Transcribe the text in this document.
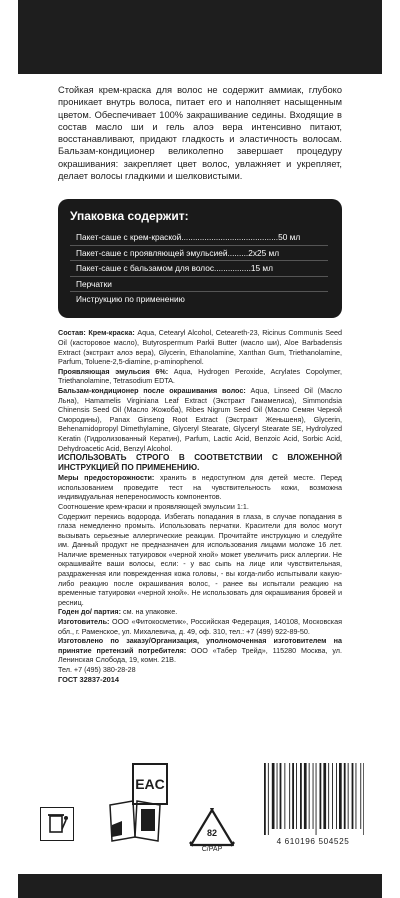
Стойкая крем-краска для волос не содержит аммиак, глубоко проникает внутрь волоса, питает его и наполняет насыщенным цветом. Обеспечивает 100% закрашивание седины. Входящие в состав масло ши и гель алоэ вера интенсивно питают, восстанавливают, придают гладкость и эластичность волосам. Бальзам-кондиционер великолепно завершает процедуру окрашивания: закрепляет цвет волос, увлажняет и укрепляет, делает волосы гладкими и шелковистыми.

Упаковка содержит:
Пакет-саше с крем-краской..........................................50 мл
Пакет-саше с проявляющей эмульсией.........2х25 мл
Пакет-саше с бальзамом для волос................15 мл
Перчатки
Инструкцию по применению

Состав: Крем-краска: Aqua, Cetearyl Alcohol, Ceteareth-23, Ricinus Communis Seed Oil (касторовое масло), Butyrospermum Parkii Butter (масло ши), Aloe Barbadensis Extract (экстракт алоэ вера), Glycerin, Ethanolamine, Xanthan Gum, Triethanolamine, Parfum, Toluene-2,5-diamine, p-aminophenol.

Проявляющая эмульсия 6%: Aqua, Hydrogen Peroxide, Acrylates Copolymer, Triethanolamine, Tetrasodium EDTA.

Бальзам-кондиционер после окрашивания волос: Aqua, Linseed Oil (Масло Льна), Hamamelis Virginiana Leaf Extract (Экстракт Гамамелиса), Simmondsia Chinensis Seed Oil (Масло Жожоба), Ribes Nigrum Seed Oil (Масло Семян Черной Смородины), Panax Ginseng Root Extract (Экстракт Женьшеня), Glycerin, Behenamidopropyl Dimethylamine, Glyceryl Stearate, Glyceryl Stearate SE, Hydrolyzed Keratin (Гидролизованный Кератин), Parfum, Lactic Acid, Benzoic Acid, Sorbic Acid, Dehydroacetic Acid, Benzyl Alcohol.

ИСПОЛЬЗОВАТЬ СТРОГО В СООТВЕТСТВИИ С ВЛОЖЕННОЙ ИНСТРУКЦИЕЙ ПО ПРИМЕНЕНИЮ.

Меры предосторожности: хранить в недоступном для детей месте. Перед использованием проведите тест на чувствительность кожи, возможна индивидуальная непереносимость компонентов.

Соотношение крем-краски и проявляющей эмульсии 1:1.

Содержит перекись водорода. Избегать попадания в глаза, в случае попадания в глаза немедленно промыть. Использовать перчатки. Красители для волос могут вызывать серьезные аллергические реакции. Прочитайте инструкцию и следуйте им. Данный продукт не предназначен для использования лицами моложе 16 лет. Наличие временных татуировок «черной хной» может увеличить риск аллергии. Не окрашивайте ваши волосы, если: - у вас сыпь на лице или чувствительная, раздраженная или поврежденная кожа головы, - вы когда-либо испытывали какую-либо реакцию после окрашивания волос, - ранее вы испытали реакцию на временные татуировки «черной хной». Не использовать для окрашивания бровей и ресниц.

Годен до/ партия: см. на упаковке.

Изготовитель: ООО «Фитокосметик», Российская Федерация, 140108, Московская обл., г. Раменское, ул. Михалевича, д. 49, оф. 310, тел.: +7 (499) 922-89-50.

Изготовлено по заказу/Организация, уполномоченная изготовителем на принятие претензий потребителя: ООО «Табер Трейд», 115280 Москва, ул. Ленинская Слобода, 19, комн. 21В.

Тел. +7 (495) 380-28-28

ГОСТ 32837-2014

EAC
82
C/PAP
4 610196 504525
